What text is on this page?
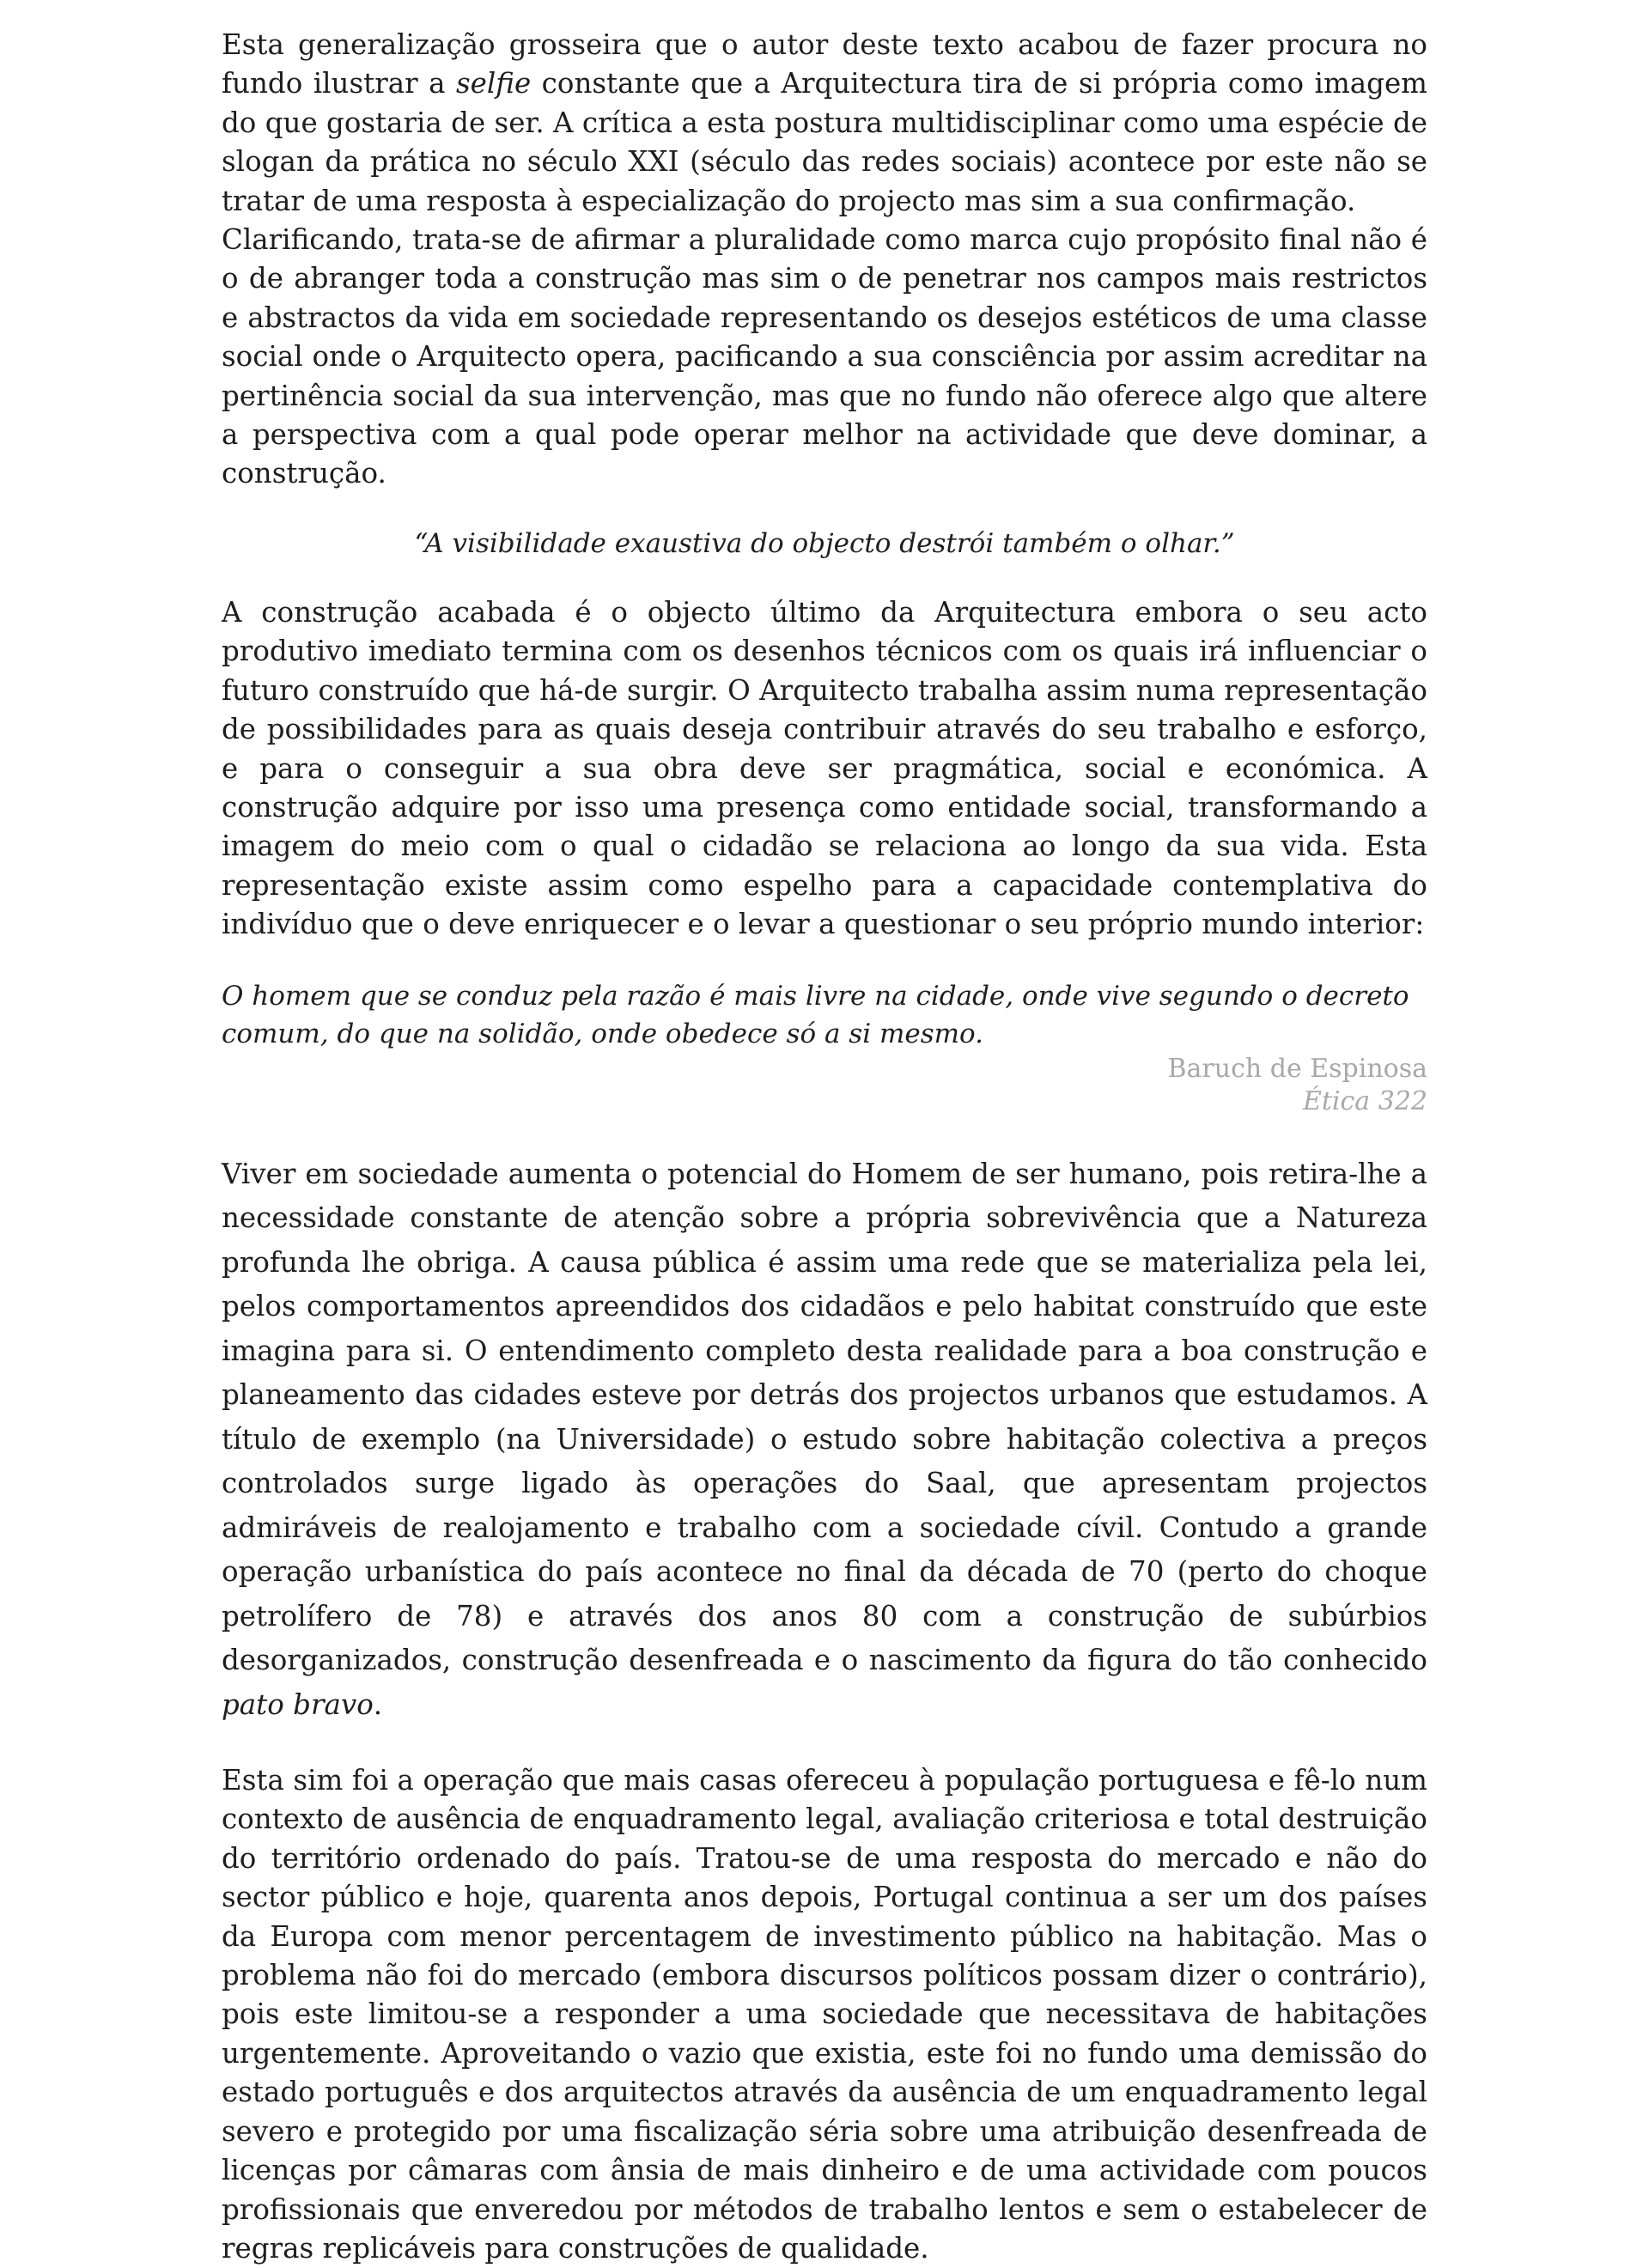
Esta generalização grosseira que o autor deste texto acabou de fazer procura no fundo ilustrar a selfie constante que a Arquitectura tira de si própria como imagem do que gostaria de ser. A crítica a esta postura multidisciplinar como uma espécie de slogan da prática no século XXI (século das redes sociais) acontece por este não se tratar de uma resposta à especialização do projecto mas sim a sua confirmação.

Clarificando, trata-se de afirmar a pluralidade como marca cujo propósito final não é o de abranger toda a construção mas sim o de penetrar nos campos mais restrictos e abstractos da vida em sociedade representando os desejos estéticos de uma classe social onde o Arquitecto opera, pacificando a sua consciência por assim acreditar na pertinência social da sua intervenção, mas que no fundo não oferece algo que altere a perspectiva com a qual pode operar melhor na actividade que deve dominar, a construção.

“A visibilidade exaustiva do objecto destrói também o olhar.”

A construção acabada é o objecto último da Arquitectura embora o seu acto produtivo imediato termina com os desenhos técnicos com os quais irá influenciar o futuro construído que há-de surgir. O Arquitecto trabalha assim numa representação de possibilidades para as quais deseja contribuir através do seu trabalho e esforço, e para o conseguir a sua obra deve ser pragmática, social e económica. A construção adquire por isso uma presença como entidade social, transformando a imagem do meio com o qual o cidadão se relaciona ao longo da sua vida. Esta representação existe assim como espelho para a capacidade contemplativa do indivíduo que o deve enriquecer e o levar a questionar o seu próprio mundo interior:

O homem que se conduz pela razão é mais livre na cidade, onde vive segundo o decreto comum, do que na solidão, onde obedece só a si mesmo.

Baruch de Espinosa
Ética 322

Viver em sociedade aumenta o potencial do Homem de ser humano, pois retira-lhe a necessidade constante de atenção sobre a própria sobrevivência que a Natureza profunda lhe obriga. A causa pública é assim uma rede que se materializa pela lei, pelos comportamentos apreendidos dos cidadãos e pelo habitat construído que este imagina para si. O entendimento completo desta realidade para a boa construção e planeamento das cidades esteve por detrás dos projectos urbanos que estudamos. A título de exemplo (na Universidade) o estudo sobre habitação colectiva a preços controlados surge ligado às operações do Saal, que apresentam projectos admiráveis de realojamento e trabalho com a sociedade cívil. Contudo a grande operação urbanística do país acontece no final da década de 70 (perto do choque petrolífero de 78) e através dos anos 80 com a construção de subúrbios desorganizados, construção desenfreada e o nascimento da figura do tão conhecido pato bravo.

Esta sim foi a operação que mais casas ofereceu à população portuguesa e fê-lo num contexto de ausência de enquadramento legal, avaliação criteriosa e total destruição do território ordenado do país. Tratou-se de uma resposta do mercado e não do sector público e hoje, quarenta anos depois, Portugal continua a ser um dos países da Europa com menor percentagem de investimento público na habitação. Mas o problema não foi do mercado (embora discursos políticos possam dizer o contrário), pois este limitou-se a responder a uma sociedade que necessitava de habitações urgentemente. Aproveitando o vazio que existia, este foi no fundo uma demissão do estado português e dos arquitectos através da ausência de um enquadramento legal severo e protegido por uma fiscalização séria sobre uma atribuição desenfreada de licenças por câmaras com ânsia de mais dinheiro e de uma actividade com poucos profissionais que enveredou por métodos de trabalho lentos e sem o estabelecer de regras replicáveis para construções de qualidade.
